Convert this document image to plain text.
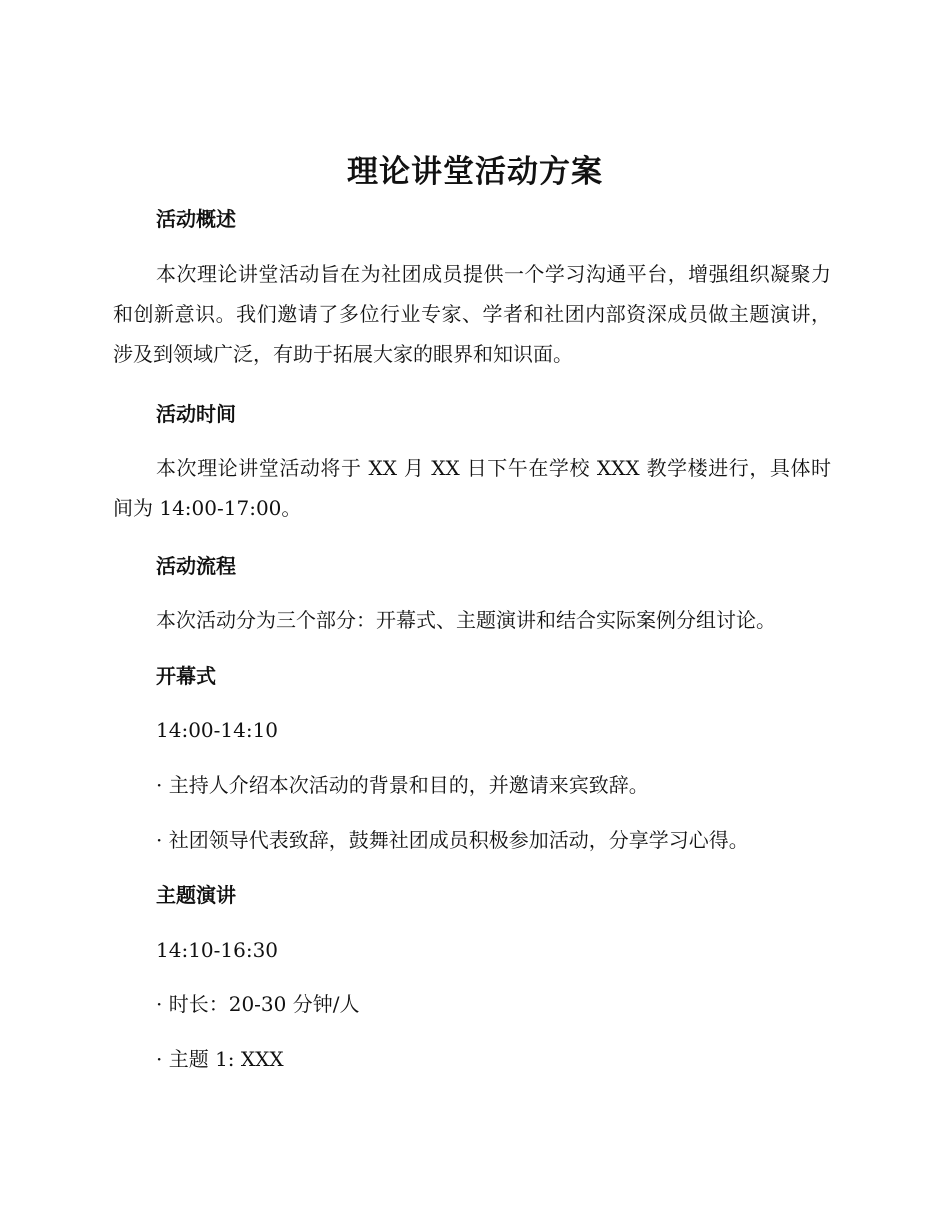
理论讲堂活动方案
活动概述
本次理论讲堂活动旨在为社团成员提供一个学习沟通平台，增强组织凝聚力和创新意识。我们邀请了多位行业专家、学者和社团内部资深成员做主题演讲，涉及到领域广泛，有助于拓展大家的眼界和知识面。
活动时间
本次理论讲堂活动将于 XX 月 XX 日下午在学校 XXX 教学楼进行，具体时间为 14:00-17:00。
活动流程
本次活动分为三个部分：开幕式、主题演讲和结合实际案例分组讨论。
开幕式
14:00-14:10
· 主持人介绍本次活动的背景和目的，并邀请来宾致辞。
· 社团领导代表致辞，鼓舞社团成员积极参加活动，分享学习心得。
主题演讲
14:10-16:30
· 时长：20-30 分钟/人
· 主题 1: XXX
